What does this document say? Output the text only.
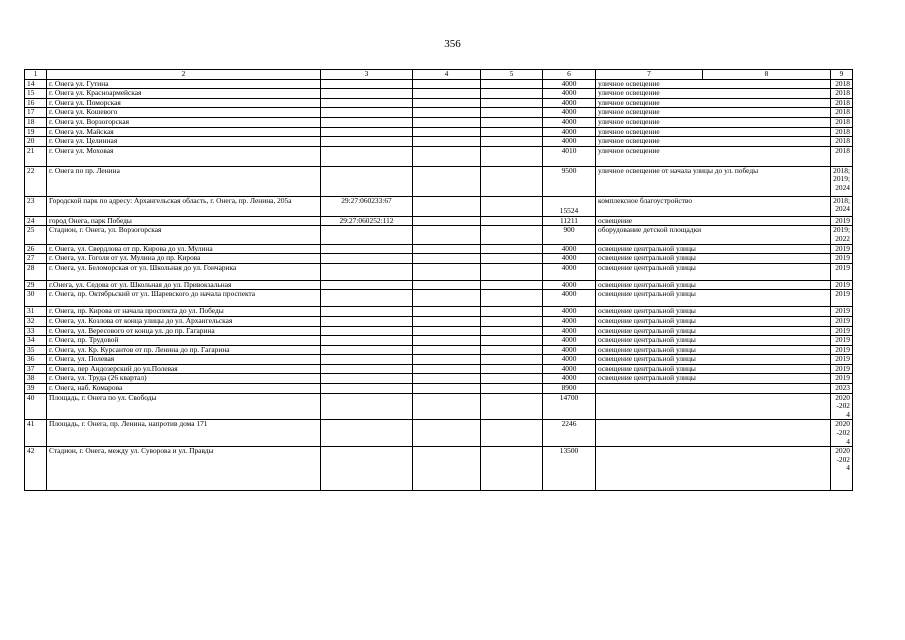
356
1	2	3	4	5	6	7	8	9
14	г. Онега ул. Гутина				4000	уличное освещение		2018
15	г. Онега ул. Красноармейская				4000	уличное освещение		2018
16	г. Онега ул. Поморская				4000	уличное освещение		2018
17	г. Онега ул. Кошевого				4000	уличное освещение		2018
18	г. Онега ул. Ворзогорская				4000	уличное освещение		2018
19	г. Онега ул. Майская				4000	уличное освещение		2018
20	г. Онега ул. Целинная				4000	уличное освещение		2018
21	г. Онега ул. Моховая				4010	уличное освещение		2018
22	г. Онега по пр. Ленина				9500	уличное освещение от начала улицы до ул. победы		2018; 2019; 2024
23	Городской парк по адресу: Архангельская область, г. Онега, пр. Ленина, 205а	29:27:060233:67			15524	комплексное благоустройство		2018; 2024
24	город Онега, парк Победы	29:27:060252:112			11211	освещение		2019
25	Стадион, г. Онега, ул. Ворзогорская				900	оборудование детской площадки		2019; 2022
26	г. Онега, ул. Свердлова от пр. Кирова до ул. Мулина				4000	освещение центральной улицы		2019
27	г. Онега, ул. Гоголя от ул. Мулина до пр. Кирова				4000	освещение центральной улицы		2019
28	г. Онега, ул. Беломорская от ул. Школьная до ул. Гончарика				4000	освещение центральной улицы		2019
29	г.Онега, ул. Седова от ул. Школьная до ул. Привокзальная				4000	освещение центральной улицы		2019
30	г. Онега, пр. Октябрьский от ул. Шаревского до начала проспекта				4000	освещение центральной улицы		2019
31	г. Онега, пр. Кирова от начала проспекта до ул. Победы				4000	освещение центральной улицы		2019
32	г. Онега, ул. Козлова от конца улицы до ул. Архангельская				4000	освещение центральной улицы		2019
33	г. Онега, ул. Вересового от конца ул. до пр. Гагарина				4000	освещение центральной улицы		2019
34	г. Онега, пр. Трудовой				4000	освещение центральной улицы		2019
35	г. Онега, ул. Кр. Курсантов от пр. Ленина до пр. Гагарина				4000	освещение центральной улицы		2019
36	г. Онега, ул. Полевая				4000	освещение центральной улицы		2019
37	г. Онега, пер Андозерский до ул.Полевая				4000	освещение центральной улицы		2019
38	г. Онега, ул. Труда (26 квартал)				4000	освещение центральной улицы		2019
39	г. Онега, наб. Комарова				8900			2023
40	Площадь, г. Онега по ул. Свободы				14700			2020-2024
41	Площадь, г. Онега, пр. Ленина, напротив дома 171				2246			2020-2024
42	Стадион, г. Онега, между ул. Суворова и ул. Правды				13500			2020-2024
